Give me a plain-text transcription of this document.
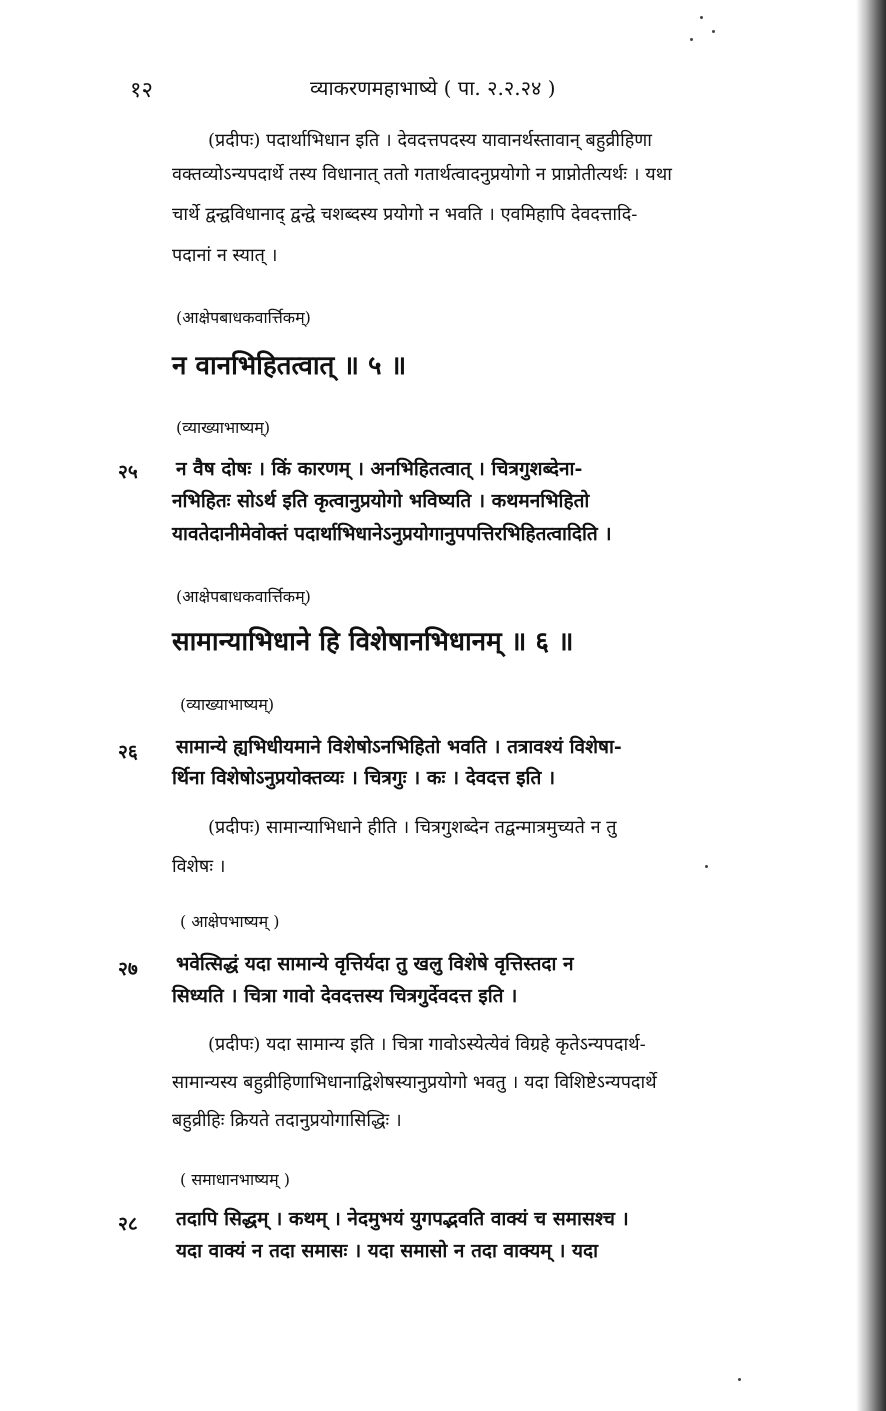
१२	व्याकरणमहाभाष्ये ( पा. २.२.२४ )
(प्रदीपः) पदार्थाभिधान इति । देवदत्तपदस्य यावानर्थस्तावान् बहुव्रीहिणा
वक्तव्योऽन्यपदार्थे तस्य विधानात् ततो गतार्थत्वादनुप्रयोगो न प्राप्नोतीत्यर्थः । यथा
चार्थे द्वन्द्वविधानाद् द्वन्द्वे चशब्दस्य प्रयोगो न भवति । एवमिहापि देवदत्तादि-
पदानां न स्यात् ।
(आक्षेपबाधकवार्त्तिकम्)
न वानभिहितत्वात् ॥ ५ ॥
(व्याख्याभाष्यम्)
२५ न वैष दोषः । किं कारणम् । अनभिहितत्वात् । चित्रगुशब्देना-
नभिहितः सोऽर्थ इति कृत्वानुप्रयोगो भविष्यति । कथमनभिहितो
यावतेदानीमेवोक्तं पदार्थाभिधानेऽनुप्रयोगानुपपत्तिरभिहितत्वादिति ।
(आक्षेपबाधकवार्त्तिकम्)
सामान्याभिधाने हि विशेषानभिधानम् ॥ ६ ॥
(व्याख्याभाष्यम्)
२६ सामान्ये ह्यभिधीयमाने विशेषोऽनभिहितो भवति । तत्रावश्यं विशेषा-
र्थिना विशेषोऽनुप्रयोक्तव्यः । चित्रगुः । कः । देवदत्त इति ।
(प्रदीपः) सामान्याभिधाने हीति । चित्रगुशब्देन तद्वन्मात्रमुच्यते न तु
विशेषः ।
( आक्षेपभाष्यम् )
२७ भवेत्सिद्धं यदा सामान्ये वृत्तिर्यदा तु खलु विशेषे वृत्तिस्तदा न
सिध्यति । चित्रा गावो देवदत्तस्य चित्रगुर्देवदत्त इति ।
(प्रदीपः) यदा सामान्य इति । चित्रा गावोऽस्येत्येवं विग्रहे कृतेऽन्यपदार्थ-
सामान्यस्य बहुव्रीहिणाभिधानाद्विशेषस्यानुप्रयोगो भवतु । यदा विशिष्टेऽन्यपदार्थे
बहुव्रीहिः क्रियते तदानुप्रयोगासिद्धिः ।
( समाधानभाष्यम् )
२८ तदापि सिद्धम् । कथम् । नेदमुभयं युगपद्भवति वाक्यं च समासश्च ।
यदा वाक्यं न तदा समासः । यदा समासो न तदा वाक्यम् । यदा
